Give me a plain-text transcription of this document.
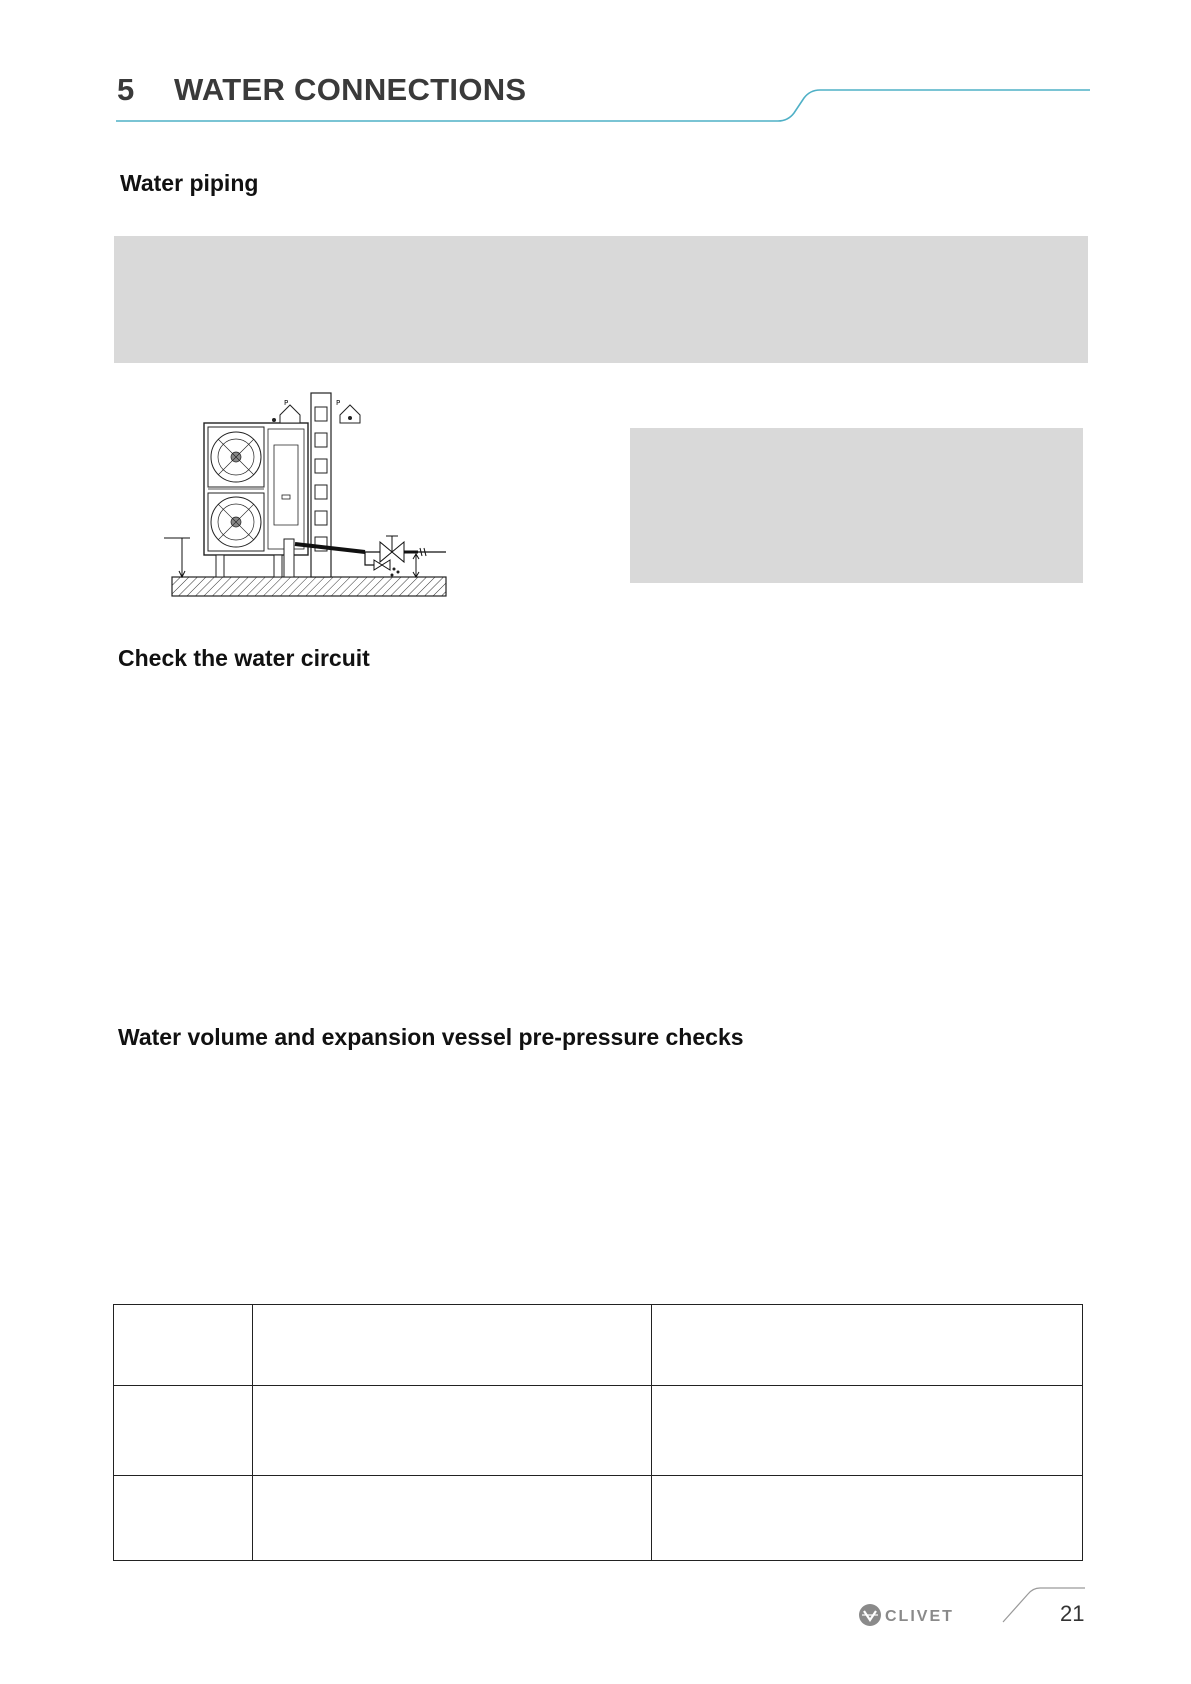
5 WATER CONNECTIONS
Water piping
P	P
Check the water circuit
Water volume and expansion vessel pre-pressure checks

CLIVET	21
